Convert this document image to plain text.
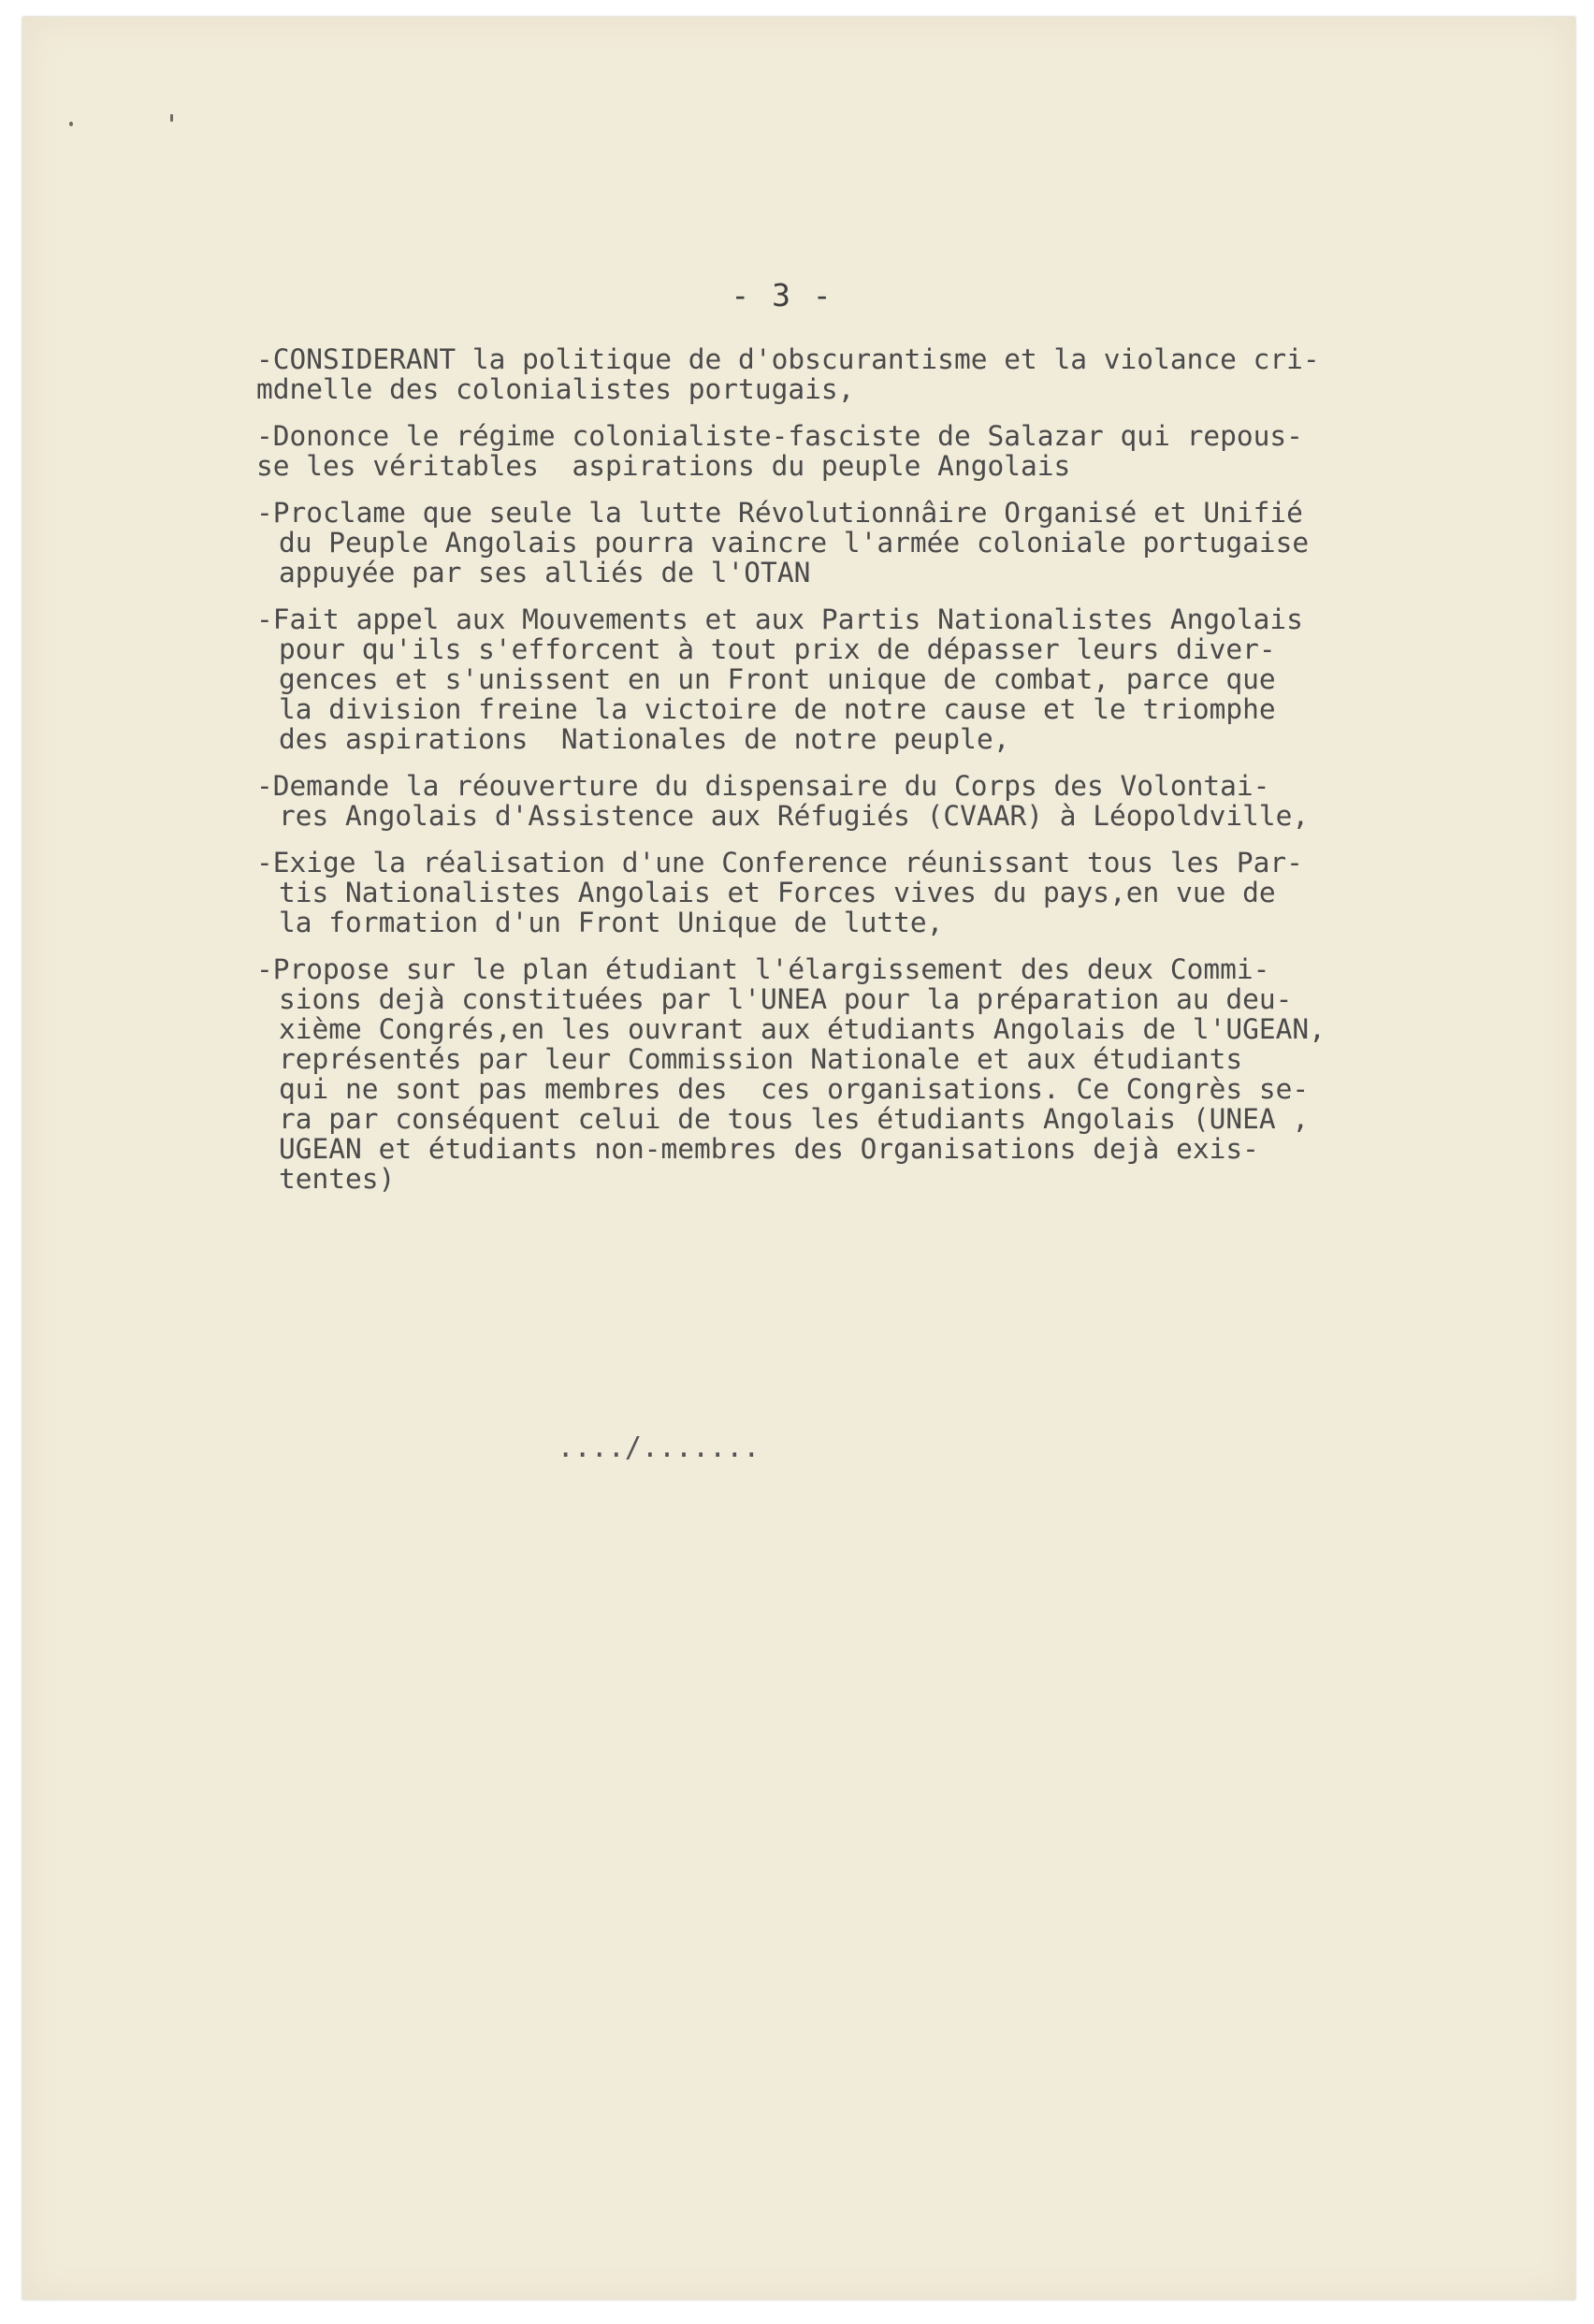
- 3 -
-CONSIDERANT la politique de d'obscurantisme et la violance cri-
mdnelle des colonialistes portugais,
-Dononce le régime colonialiste-fasciste de Salazar qui repous-
se les véritables  aspirations du peuple Angolais
-Proclame que seule la lutte Révolutionnâire Organisé et Unifié
du Peuple Angolais pourra vaincre l'armée coloniale portugaise
appuyée par ses alliés de l'OTAN
-Fait appel aux Mouvements et aux Partis Nationalistes Angolais
pour qu'ils s'efforcent à tout prix de dépasser leurs diver-
gences et s'unissent en un Front unique de combat, parce que
la division freine la victoire de notre cause et le triomphe
des aspirations  Nationales de notre peuple,
-Demande la réouverture du dispensaire du Corps des Volontai-
res Angolais d'Assistence aux Réfugiés (CVAAR) à Léopoldville,
-Exige la réalisation d'une Conference réunissant tous les Par-
tis Nationalistes Angolais et Forces vives du pays,en vue de
la formation d'un Front Unique de lutte,
-Propose sur le plan étudiant l'élargissement des deux Commi-
sions dejà constituées par l'UNEA pour la préparation au deu-
xième Congrés,en les ouvrant aux étudiants Angolais de l'UGEAN,
représentés par leur Commission Nationale et aux étudiants
qui ne sont pas membres des  ces organisations. Ce Congrès se-
ra par conséquent celui de tous les étudiants Angolais (UNEA ,
UGEAN et étudiants non-membres des Organisations dejà exis-
tentes)
..../.......
